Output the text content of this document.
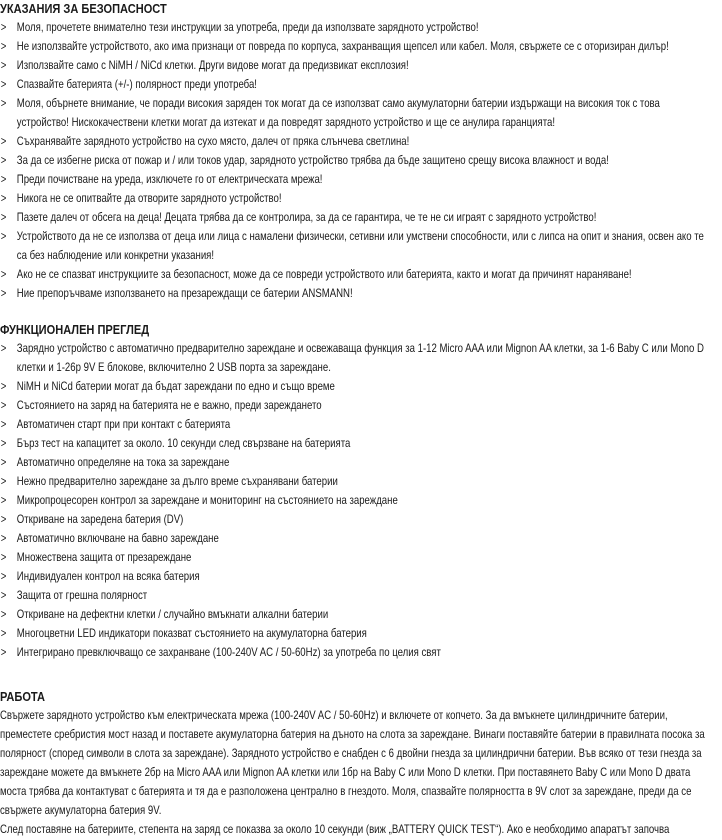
УКАЗАНИЯ ЗА БЕЗОПАСНОСТ
> Моля, прочетете внимателно тези инструкции за употреба, преди да използвате зарядното устройство!
> Не използвайте устройството, ако има признаци от повреда по корпуса, захранващия щепсел или кабел. Моля, свържете се с оторизиран дилър!
> Използвайте само с NiMH / NiCd клетки. Други видове могат да предизвикат експлозия!
> Спазвайте батерията (+/-) полярност преди употреба!
> Моля, обърнете внимание, че поради високия заряден ток могат да се използват само акумулаторни батерии издържащи на високия ток с това
устройство! Нискокачествени клетки могат да изтекат и да повредят зарядното устройство и ще се анулира гаранцията!
> Съхранявайте зарядното устройство на сухо място, далеч от пряка слънчева светлина!
> За да се избегне риска от пожар и / или токов удар, зарядното устройство трябва да бъде защитено срещу висока влажност и вода!
> Преди почистване на уреда, изключете го от електрическата мрежа!
> Никога не се опитвайте да отворите зарядното устройство!
> Пазете далеч от обсега на деца! Децата трябва да се контролира, за да се гарантира, че те не си играят с зарядното устройство!
> Устройството да не се използва от деца или лица с намалени физически, сетивни или умствени способности, или с липса на опит и знания, освен ако те
са без наблюдение или конкретни указания!
> Ако не се спазват инструкциите за безопасност, може да се повреди устройството или батерията, както и могат да причинят нараняване!
> Ние препоръчваме използването на презареждащи се батерии ANSMANN!
ФУНКЦИОНАЛЕН ПРЕГЛЕД
> Зарядно устройство с автоматично предварително зареждане и освежаваща функция за 1-12 Micro AAA или Mignon AA клетки, за 1-6 Baby C или Mono D
клетки и 1-26р 9V E блокове, включително 2 USB порта за зареждане.
> NiMH и NiCd батерии могат да бъдат зареждани по едно и също време
> Състоянието на заряд на батерията не е важно, преди зареждането
> Автоматичен старт при при контакт с батерията
> Бърз тест на капацитет за около. 10 секунди след свързване на батерията
> Автоматично определяне на тока за зареждане
> Нежно предварително зареждане за дълго време съхранявани батерии
> Микропроцесорен контрол за зареждане и мониторинг на състоянието на зареждане
> Откриване на заредена батерия (DV)
> Автоматично включване на бавно зареждане
> Множествена защита от презареждане
> Индивидуален контрол на всяка батерия
> Защита от грешна полярност
> Откриване на дефектни клетки / случайно вмъкнати алкални батерии
> Многоцветни LED индикатори показват състоянието на акумулаторна батерия
> Интегрирано превключващо се захранване (100-240V AC / 50-60Hz) за употреба по целия свят
РАБОТА
Свържете зарядното устройство към електрическата мрежа (100-240V AC / 50-60Hz) и включете от копчето. За да вмъкнете цилиндричните батерии,
преместете сребристия мост назад и поставете акумулаторна батерия на дъното на слота за зареждане. Винаги поставяйте батерии в правилната посока за
полярност (според символи в слота за зареждане). Зарядното устройство е снабден с 6 двойни гнезда за цилиндрични батерии. Във всяко от тези гнезда за
зареждане можете да вмъкнете 2бр на Micro AAA или Mignon AA клетки или 1бр на Baby C или Mono D клетки. При поставянето Baby C или Mono D двата
моста трябва да контактуват с батерията и тя да е разположена централно в гнездото. Моля, спазвайте полярността в 9V слот за зареждане, преди да се
свържете акумулаторна батерия 9V.
След поставяне на батериите, степента на заряд се показва за около 10 секунди (виж „BATTERY QUICK TEST“). Ако е необходимо апаратът започва
